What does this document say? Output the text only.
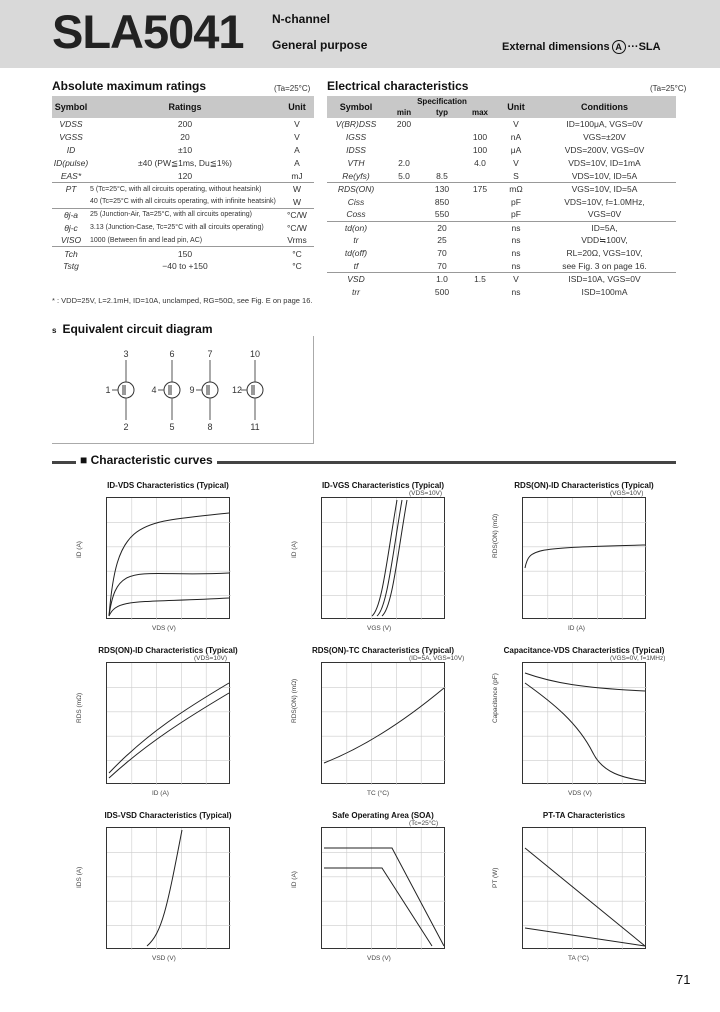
SLA5041 N-channel
General purpose	External dimensions A ···SLA
Absolute maximum ratings	(Ta=25°C)
Symbol	Ratings	Unit
VDSS	200	V
VGSS	20	V
ID	±10	A
ID(pulse)	±40 (PW≦1ms, Du≦1%)	A
EAS*	120	mJ
PT	5 (Tc=25°C, with all circuits operating, without heatsink)	W
	40 (Tc=25°C with all circuits operating, with infinite heatsink)	W
θj-a	25 (Junction-Air, Ta=25°C, with all circuits operating)	°C/W
θj-c	3.13 (Junction-Case, Tc=25°C with all circuits operating)	°C/W
VISO	1000 (Between fin and lead pin, AC)	Vrms
Tch	150	°C
Tstg	−40 to +150	°C
* : VDD=25V, L=2.1mH, ID=10A, unclamped, RG=50Ω, see Fig. E on page 16.
Electrical characteristics	(Ta=25°C)
Symbol	Specification			Unit	Conditions
	min	typ	max		
V(BR)DSS	200			V	ID=100μA, VGS=0V
IGSS			100	nA	VGS=±20V
IDSS			100	μA	VDS=200V, VGS=0V
VTH	2.0		4.0	V	VDS=10V, ID=1mA
Re(yfs)	5.0	8.5		S	VDS=10V, ID=5A
RDS(ON)		130	175	mΩ	VGS=10V, ID=5A
Ciss		850		pF	VDS=10V, f=1.0MHz,
Coss		550		pF	VGS=0V
td(on)		20		ns	ID=5A,
tr		25		ns	VDD≒100V,
td(off)		70		ns	RL=20Ω, VGS=10V,
tf		70		ns	see Fig. 3 on page 16.
VSD		1.0	1.5	V	ISD=10A, VGS=0V
trr		500		ns	ISD=100mA
s Equivalent circuit diagram
3
1
2
6
4
5
7
9
8
10
12
11
■ Characteristic curves
ID-VDS Characteristics (Typical)
VDS (V)
ID (A)
ID-VGS Characteristics (Typical)
VGS (V)
ID (A)
(VDS=10V)
RDS(ON)-ID Characteristics (Typical)
ID (A)
RDS(ON) (mΩ)
(VGS=10V)
RDS(ON)-ID Characteristics (Typical)
ID (A)
RDS (mΩ)
(VDS=10V)
RDS(ON)-TC Characteristics (Typical)
TC (°C)
RDS(ON) (mΩ)
(ID=5A, VGS=10V)
Capacitance-VDS Characteristics (Typical)
VDS (V)
Capacitance (pF)
(VGS=0V, f=1MHz)
IDS-VSD Characteristics (Typical)
VSD (V)
IDS (A)
Safe Operating Area (SOA)
VDS (V)
ID (A)
(Tc=25°C)
PT-TA Characteristics
TA (°C)
PT (W)
71
